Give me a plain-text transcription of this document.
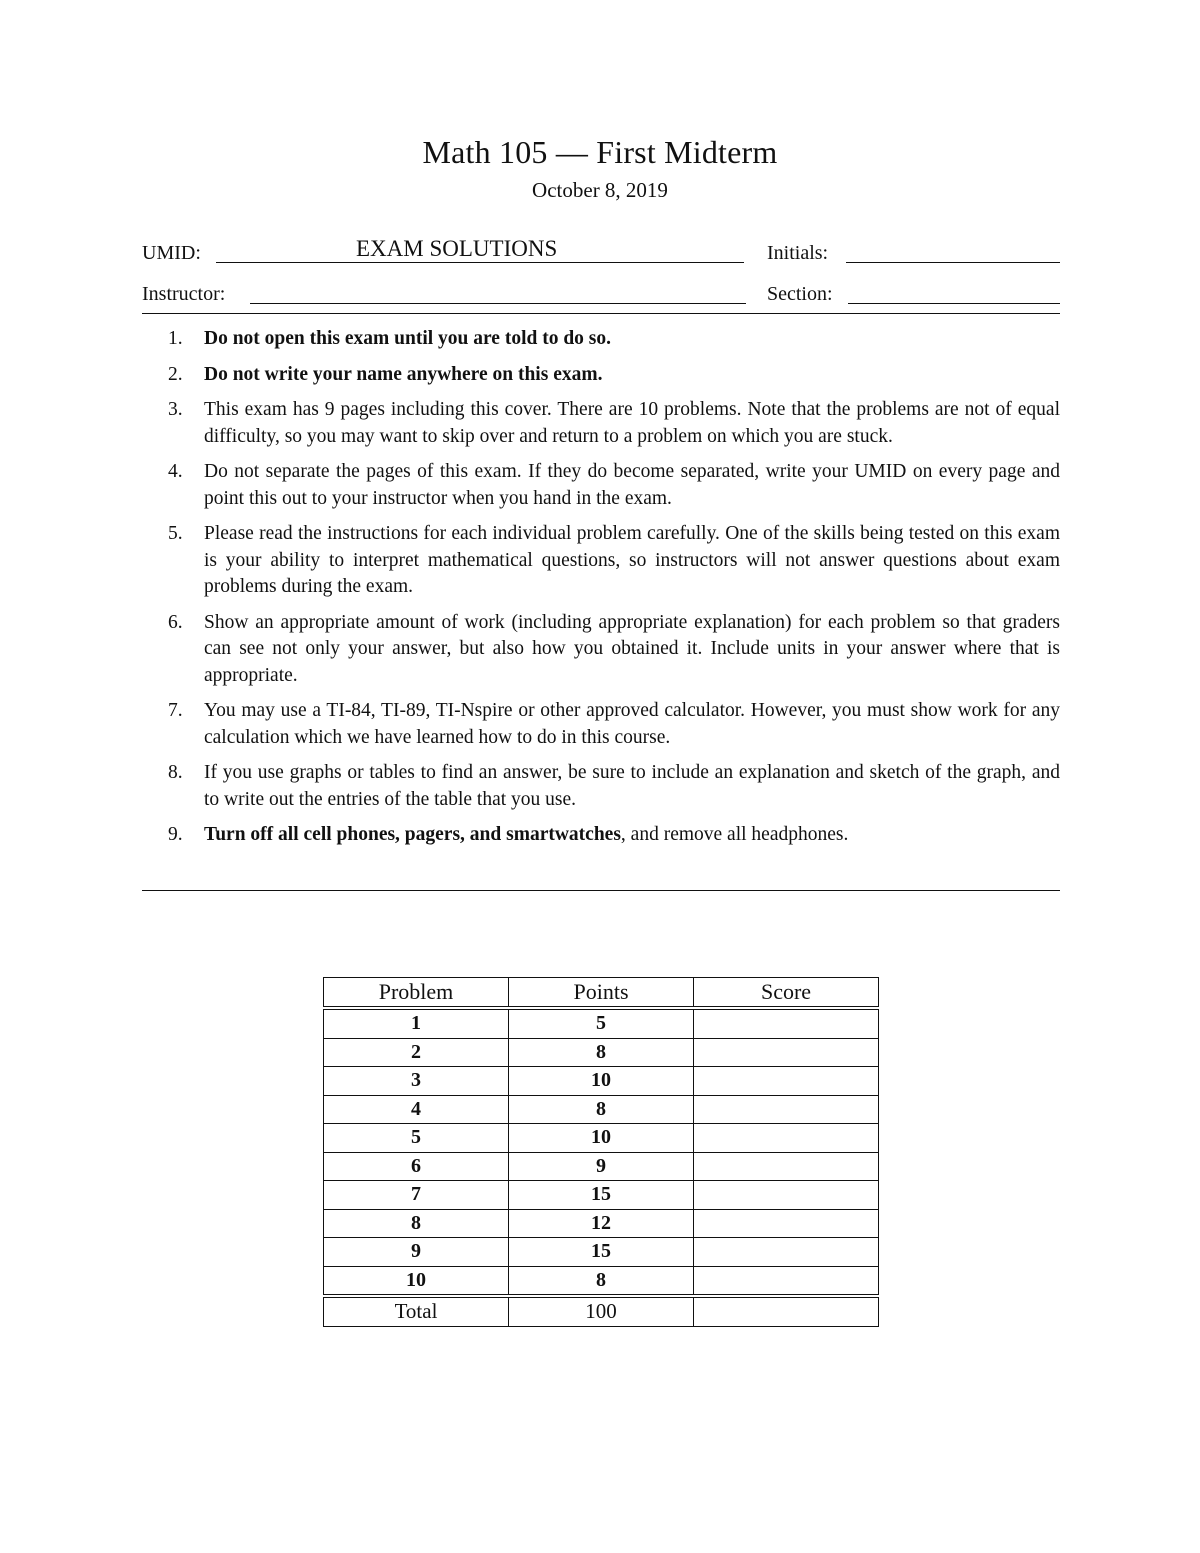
Math 105 — First Midterm
October 8, 2019
UMID:	EXAM SOLUTIONS	Initials:
Instructor:	Section:
1. Do not open this exam until you are told to do so.
2. Do not write your name anywhere on this exam.
3. This exam has 9 pages including this cover. There are 10 problems. Note that the problems are not of equal difficulty, so you may want to skip over and return to a problem on which you are stuck.
4. Do not separate the pages of this exam. If they do become separated, write your UMID on every page and point this out to your instructor when you hand in the exam.
5. Please read the instructions for each individual problem carefully. One of the skills being tested on this exam is your ability to interpret mathematical questions, so instructors will not answer questions about exam problems during the exam.
6. Show an appropriate amount of work (including appropriate explanation) for each problem so that graders can see not only your answer, but also how you obtained it. Include units in your answer where that is appropriate.
7. You may use a TI-84, TI-89, TI-Nspire or other approved calculator. However, you must show work for any calculation which we have learned how to do in this course.
8. If you use graphs or tables to find an answer, be sure to include an explanation and sketch of the graph, and to write out the entries of the table that you use.
9. Turn off all cell phones, pagers, and smartwatches, and remove all headphones.
Problem	Points	Score

1	5	
2	8	
3	10	
4	8	
5	10	
6	9	
7	15	
8	12	
9	15	
10	8	

Total	100	
